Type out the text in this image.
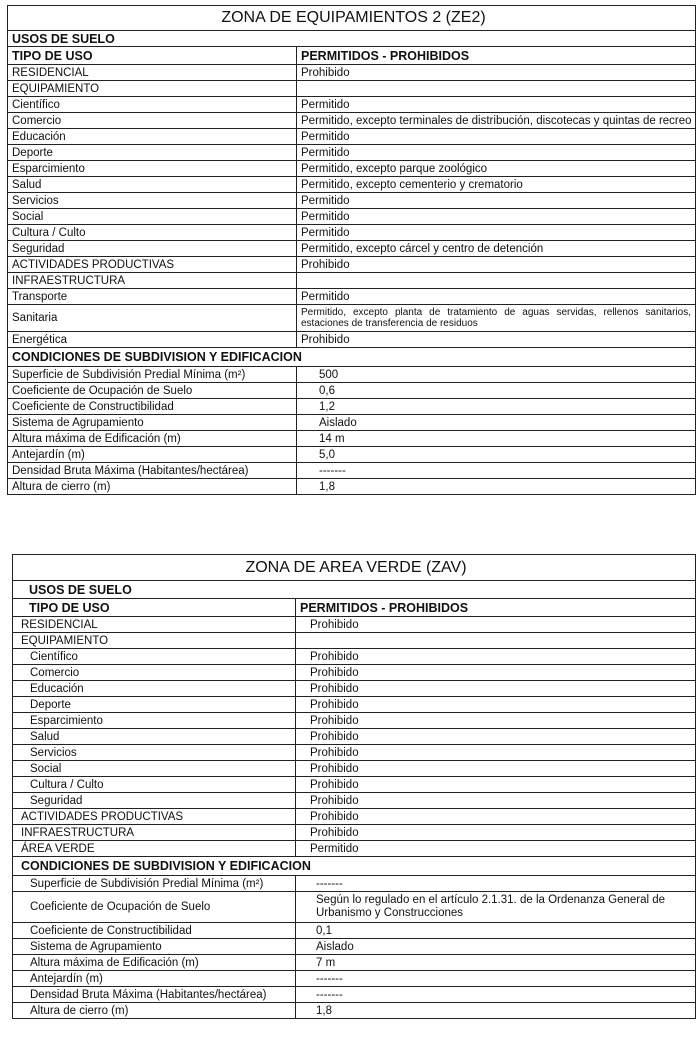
ZONA DE EQUIPAMIENTOS 2 (ZE2)	
USOS DE SUELO	
TIPO DE USO	PERMITIDOS - PROHIBIDOS
RESIDENCIAL	Prohibido
EQUIPAMIENTO	
Científico	Permitido
Comercio	Permitido, excepto terminales de distribución, discotecas y quintas de recreo
Educación	Permitido
Deporte	Permitido
Esparcimiento	Permitido, excepto parque zoológico
Salud	Permitido, excepto cementerio y crematorio
Servicios	Permitido
Social	Permitido
Cultura / Culto	Permitido
Seguridad	Permitido, excepto cárcel y centro de detención
ACTIVIDADES PRODUCTIVAS	Prohibido
INFRAESTRUCTURA	
Transporte	Permitido
Sanitaria	Permitido, excepto planta de tratamiento de aguas servidas, rellenos sanitarios, estaciones de transferencia de residuos
Energética	Prohibido
CONDICIONES DE SUBDIVISION Y EDIFICACION	
Superficie de Subdivisión Predial Mínima (m²)	500
Coeficiente de Ocupación de Suelo	0,6
Coeficiente de Constructibilidad	1,2
Sistema de Agrupamiento	Aislado
Altura máxima de Edificación (m)	14 m
Antejardín (m)	5,0
Densidad Bruta Máxima (Habitantes/hectárea)	-------
Altura de cierro (m)	1,8
ZONA DE AREA VERDE (ZAV)	
USOS DE SUELO	
TIPO DE USO	PERMITIDOS - PROHIBIDOS
RESIDENCIAL	Prohibido
EQUIPAMIENTO	
Científico	Prohibido
Comercio	Prohibido
Educación	Prohibido
Deporte	Prohibido
Esparcimiento	Prohibido
Salud	Prohibido
Servicios	Prohibido
Social	Prohibido
Cultura / Culto	Prohibido
Seguridad	Prohibido
ACTIVIDADES PRODUCTIVAS	Prohibido
INFRAESTRUCTURA	Prohibido
ÁREA VERDE	Permitido
CONDICIONES DE SUBDIVISION Y EDIFICACION	
Superficie de Subdivisión Predial Mínima (m²)	-------
Coeficiente de Ocupación de Suelo	Según lo regulado en el artículo 2.1.31. de la Ordenanza General de Urbanismo y Construcciones
Coeficiente de Constructibilidad	0,1
Sistema de Agrupamiento	Aislado
Altura máxima de Edificación (m)	7 m
Antejardín (m)	-------
Densidad Bruta Máxima (Habitantes/hectárea)	-------
Altura de cierro (m)	1,8
